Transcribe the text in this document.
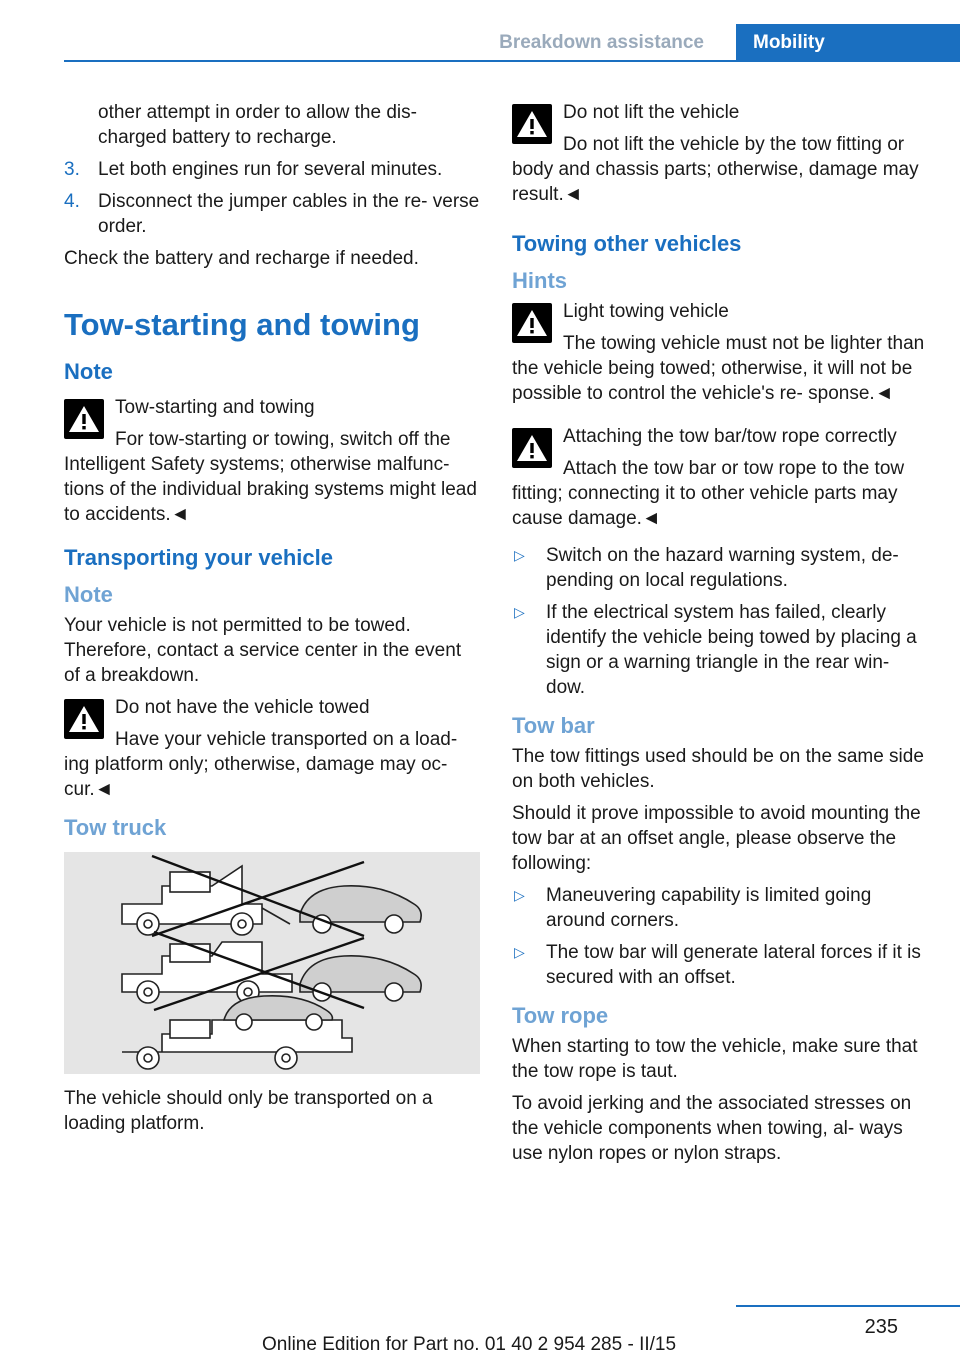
Breakdown assistance	Mobility

other attempt in order to allow the dis‐ charged battery to recharge.

3. Let both engines run for several minutes.
4. Disconnect the jumper cables in the re‐ verse order.

Check the battery and recharge if needed.

Tow-starting and towing
Note
Tow-starting and towing

For tow-starting or towing, switch off the Intelligent Safety systems; otherwise malfunc‐ tions of the individual braking systems might lead to accidents.◄

Transporting your vehicle
Note

Your vehicle is not permitted to be towed. Therefore, contact a service center in the event of a breakdown.

Do not have the vehicle towed

Have your vehicle transported on a load‐ ing platform only; otherwise, damage may oc‐ cur.◄

Tow truck

The vehicle should only be transported on a loading platform.

Do not lift the vehicle

Do not lift the vehicle by the tow fitting or body and chassis parts; otherwise, damage may result.◄

Towing other vehicles
Hints
Light towing vehicle

The towing vehicle must not be lighter than the vehicle being towed; otherwise, it will not be possible to control the vehicle's re‐ sponse.◄

Attaching the tow bar/tow rope correctly

Attach the tow bar or tow rope to the tow fitting; connecting it to other vehicle parts may cause damage.◄

▷ Switch on the hazard warning system, de‐ pending on local regulations.
▷ If the electrical system has failed, clearly identify the vehicle being towed by placing a sign or a warning triangle in the rear win‐ dow.
Tow bar

The tow fittings used should be on the same side on both vehicles.

Should it prove impossible to avoid mounting the tow bar at an offset angle, please observe the following:

▷ Maneuvering capability is limited going around corners.
▷ The tow bar will generate lateral forces if it is secured with an offset.
Tow rope

When starting to tow the vehicle, make sure that the tow rope is taut.

To avoid jerking and the associated stresses on the vehicle components when towing, al‐ ways use nylon ropes or nylon straps.

235
Online Edition for Part no. 01 40 2 954 285 - II/15
